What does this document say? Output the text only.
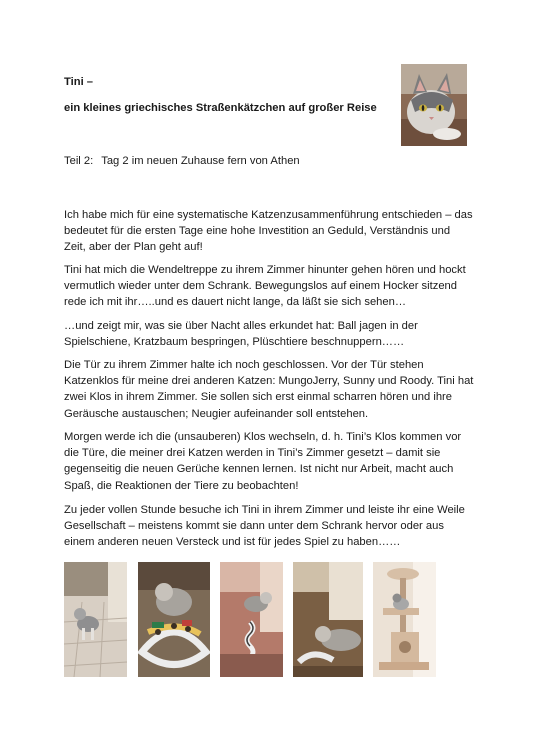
Tini –
ein kleines griechisches Straßenkätzchen auf großer Reise
Teil 2: Tag 2 im neuen Zuhause fern von Athen
Ich habe mich für eine systematische Katzenzusammenführung entschieden – das bedeutet für die ersten Tage eine hohe Investition an Geduld, Verständnis und Zeit, aber der Plan geht auf!
Tini hat mich die Wendeltreppe zu ihrem Zimmer hinunter gehen hören und hockt vermutlich wieder unter dem Schrank. Bewegungslos auf einem Hocker sitzend rede ich mit ihr…..und es dauert nicht lange, da läßt sie sich sehen…
…und zeigt mir, was sie über Nacht alles erkundet hat: Ball jagen in der Spielschiene, Kratzbaum bespringen, Plüschtiere beschnuppern……
Die Tür zu ihrem Zimmer halte ich noch geschlossen. Vor der Tür stehen Katzenklos für meine drei anderen Katzen: MungoJerry, Sunny und Roody. Tini hat zwei Klos in ihrem Zimmer. Sie sollen sich erst einmal scharren hören und ihre Geräusche austauschen; Neugier aufeinander soll entstehen.
Morgen werde ich die (unsauberen) Klos wechseln, d. h. Tini’s Klos kommen vor die Türe, die meiner drei Katzen werden in Tini’s Zimmer gesetzt – damit sie gegenseitig die neuen Gerüche kennen lernen. Ist nicht nur Arbeit, macht auch Spaß, die Reaktionen der Tiere zu beobachten!
Zu jeder vollen Stunde besuche ich Tini in ihrem Zimmer und leiste ihr eine Weile Gesellschaft – meistens kommt sie dann unter dem Schrank hervor oder aus einem anderen neuen Versteck und ist für jedes Spiel zu haben……
